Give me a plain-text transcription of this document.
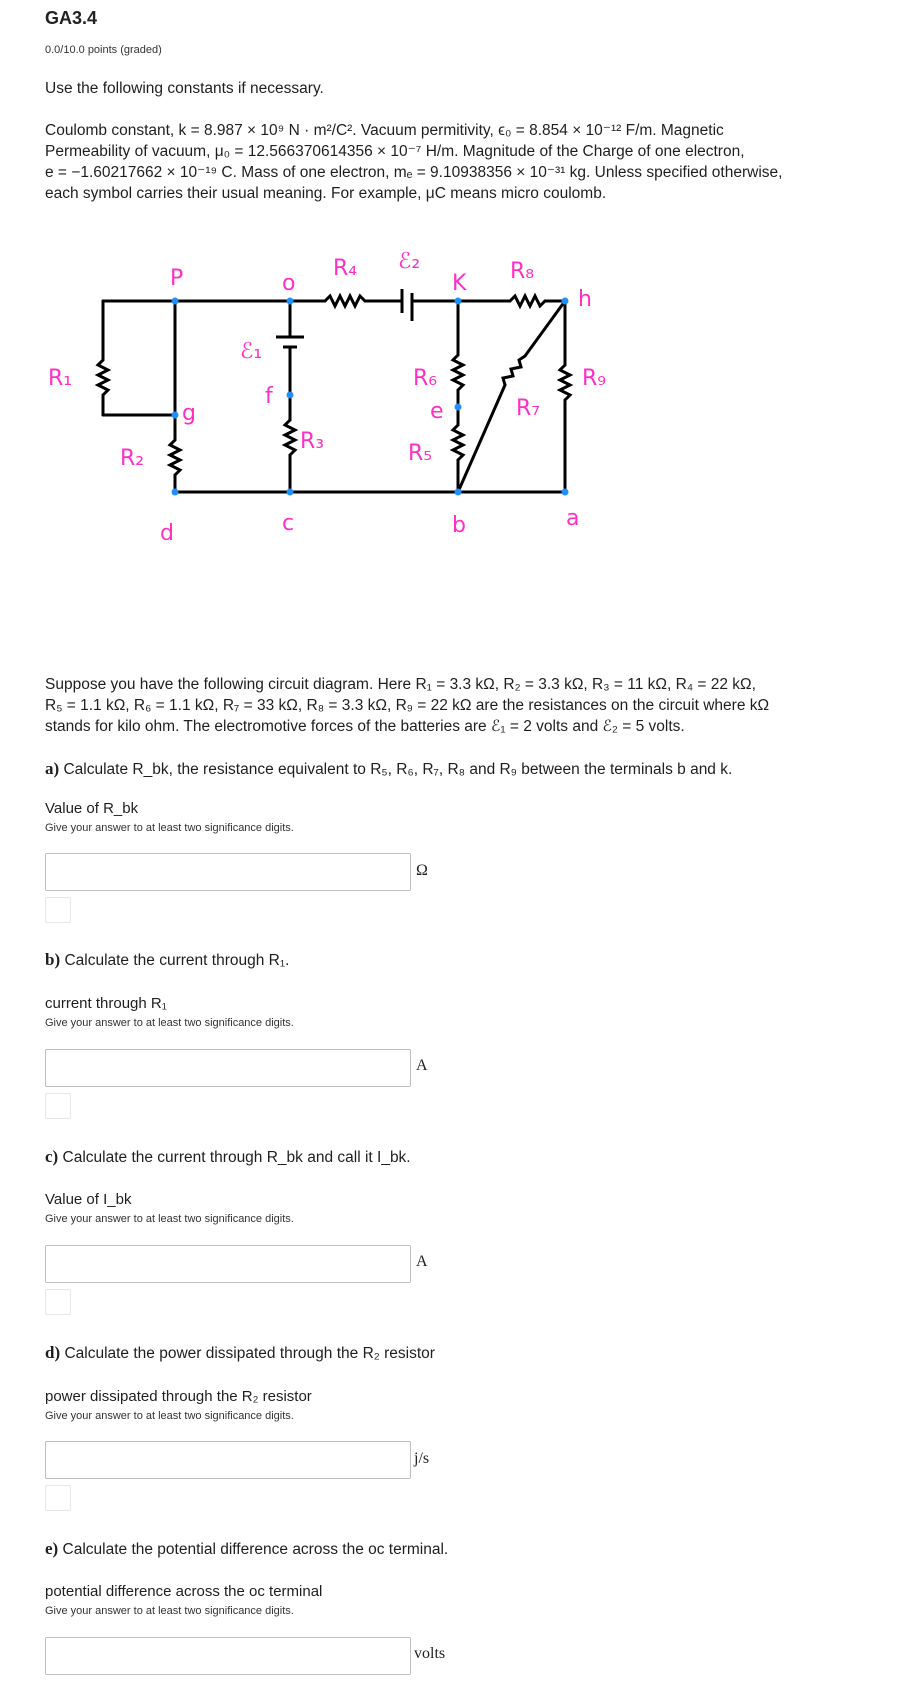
GA3.4
0.0/10.0 points (graded)
Use the following constants if necessary.
Coulomb constant, k = 8.987 × 10⁹ N · m²/C². Vacuum permitivity, ϵ₀ = 8.854 × 10⁻¹² F/m. Magnetic
Permeability of vacuum, μ₀ = 12.566370614356 × 10⁻⁷ H/m. Magnitude of the Charge of one electron,
e = −1.60217662 × 10⁻¹⁹ C. Mass of one electron, mₑ = 9.10938356 × 10⁻³¹ kg. Unless specified otherwise,
each symbol carries their usual meaning. For example, μC means micro coulomb.
R₁
R₂
R₃
R₄
R₅
R₆
R₇
R₈
R₉
ℰ₁
ℰ₂
P	o	K
h
g
f
e
d	c	b	a
Suppose you have the following circuit diagram. Here R₁ = 3.3 kΩ, R₂ = 3.3 kΩ, R₃ = 11 kΩ, R₄ = 22 kΩ,
R₅ = 1.1 kΩ, R₆ = 1.1 kΩ, R₇ = 33 kΩ, R₈ = 3.3 kΩ, R₉ = 22 kΩ are the resistances on the circuit where kΩ
stands for kilo ohm. The electromotive forces of the batteries are ℰ₁ = 2 volts and ℰ₂ = 5 volts.
a) Calculate R_bk, the resistance equivalent to R₅, R₆, R₇, R₈ and R₉ between the terminals b and k.
Value of R_bk
Give your answer to at least two significance digits.
Ω
b) Calculate the current through R₁.
current through R₁
Give your answer to at least two significance digits.
A
c) Calculate the current through R_bk and call it I_bk.
Value of I_bk
Give your answer to at least two significance digits.
A
d) Calculate the power dissipated through the R₂ resistor
power dissipated through the R₂ resistor
Give your answer to at least two significance digits.
j/s
e) Calculate the potential difference across the oc terminal.
potential difference across the oc terminal
Give your answer to at least two significance digits.
volts
